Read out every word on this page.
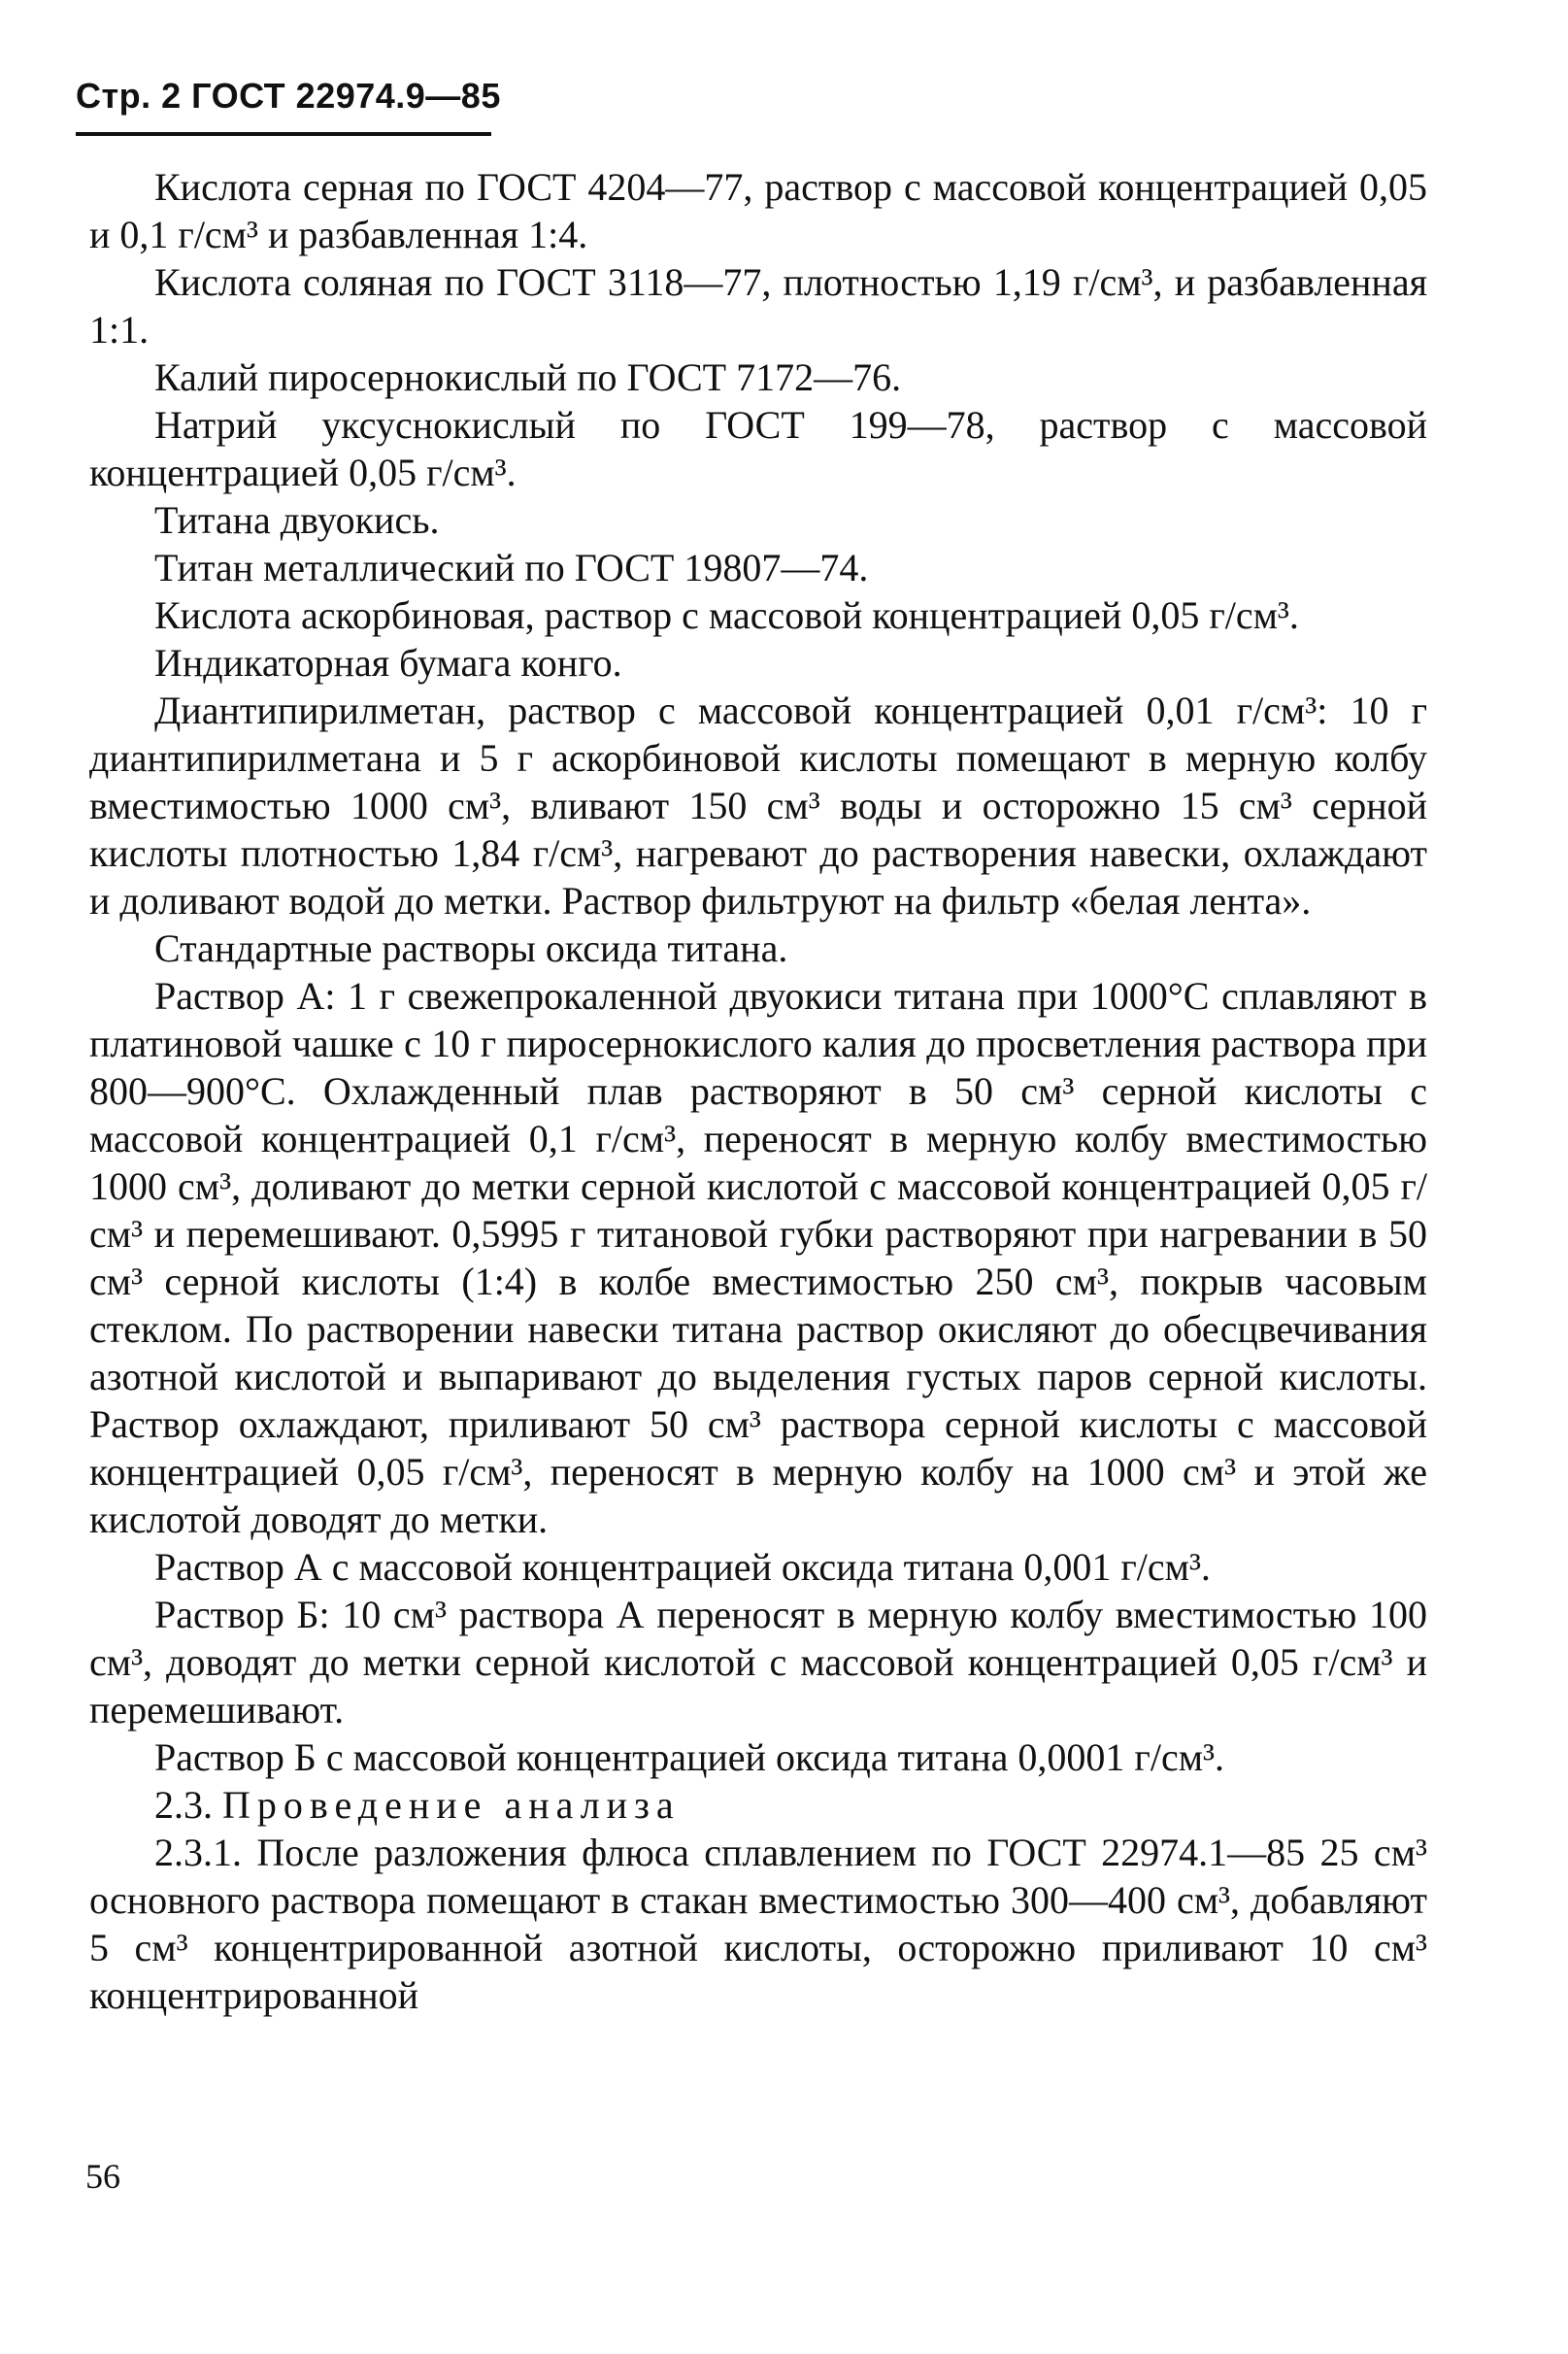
Стр. 2 ГОСТ 22974.9—85

Кислота серная по ГОСТ 4204—77, раствор с массовой концентрацией 0,05 и 0,1 г/см³ и разбавленная 1:4.

Кислота соляная по ГОСТ 3118—77, плотностью 1,19 г/см³, и разбавленная 1:1.

Калий пиросернокислый по ГОСТ 7172—76.

Натрий уксуснокислый по ГОСТ 199—78, раствор с массовой концентрацией 0,05 г/см³.

Титана двуокись.

Титан металлический по ГОСТ 19807—74.

Кислота аскорбиновая, раствор с массовой концентрацией 0,05 г/см³.

Индикаторная бумага конго.

Диантипирилметан, раствор с массовой концентрацией 0,01 г/см³: 10 г диантипирилметана и 5 г аскорбиновой кислоты помещают в мерную колбу вместимостью 1000 см³, вливают 150 см³ воды и осторожно 15 см³ серной кислоты плотностью 1,84 г/см³, нагревают до растворения навески, охлаждают и доливают водой до метки. Раствор фильтруют на фильтр «белая лента».

Стандартные растворы оксида титана.

Раствор А: 1 г свежепрокаленной двуокиси титана при 1000°С сплавляют в платиновой чашке с 10 г пиросернокислого калия до просветления раствора при 800—900°С. Охлажденный плав растворяют в 50 см³ серной кислоты с массовой концентрацией 0,1 г/см³, переносят в мерную колбу вместимостью 1000 см³, доливают до метки серной кислотой с массовой концентрацией 0,05 г/см³ и перемешивают. 0,5995 г титановой губки растворяют при нагревании в 50 см³ серной кислоты (1:4) в колбе вместимостью 250 см³, покрыв часовым стеклом. По растворении навески титана раствор окисляют до обесцвечивания азотной кислотой и выпаривают до выделения густых паров серной кислоты. Раствор охлаждают, приливают 50 см³ раствора серной кислоты с массовой концентрацией 0,05 г/см³, переносят в мерную колбу на 1000 см³ и этой же кислотой доводят до метки.

Раствор А с массовой концентрацией оксида титана 0,001 г/см³.

Раствор Б: 10 см³ раствора А переносят в мерную колбу вместимостью 100 см³, доводят до метки серной кислотой с массовой концентрацией 0,05 г/см³ и перемешивают.

Раствор Б с массовой концентрацией оксида титана 0,0001 г/см³.

2.3. Проведение анализа

2.3.1. После разложения флюса сплавлением по ГОСТ 22974.1—85 25 см³ основного раствора помещают в стакан вместимостью 300—400 см³, добавляют 5 см³ концентрированной азотной кислоты, осторожно приливают 10 см³ концентрированной

56
